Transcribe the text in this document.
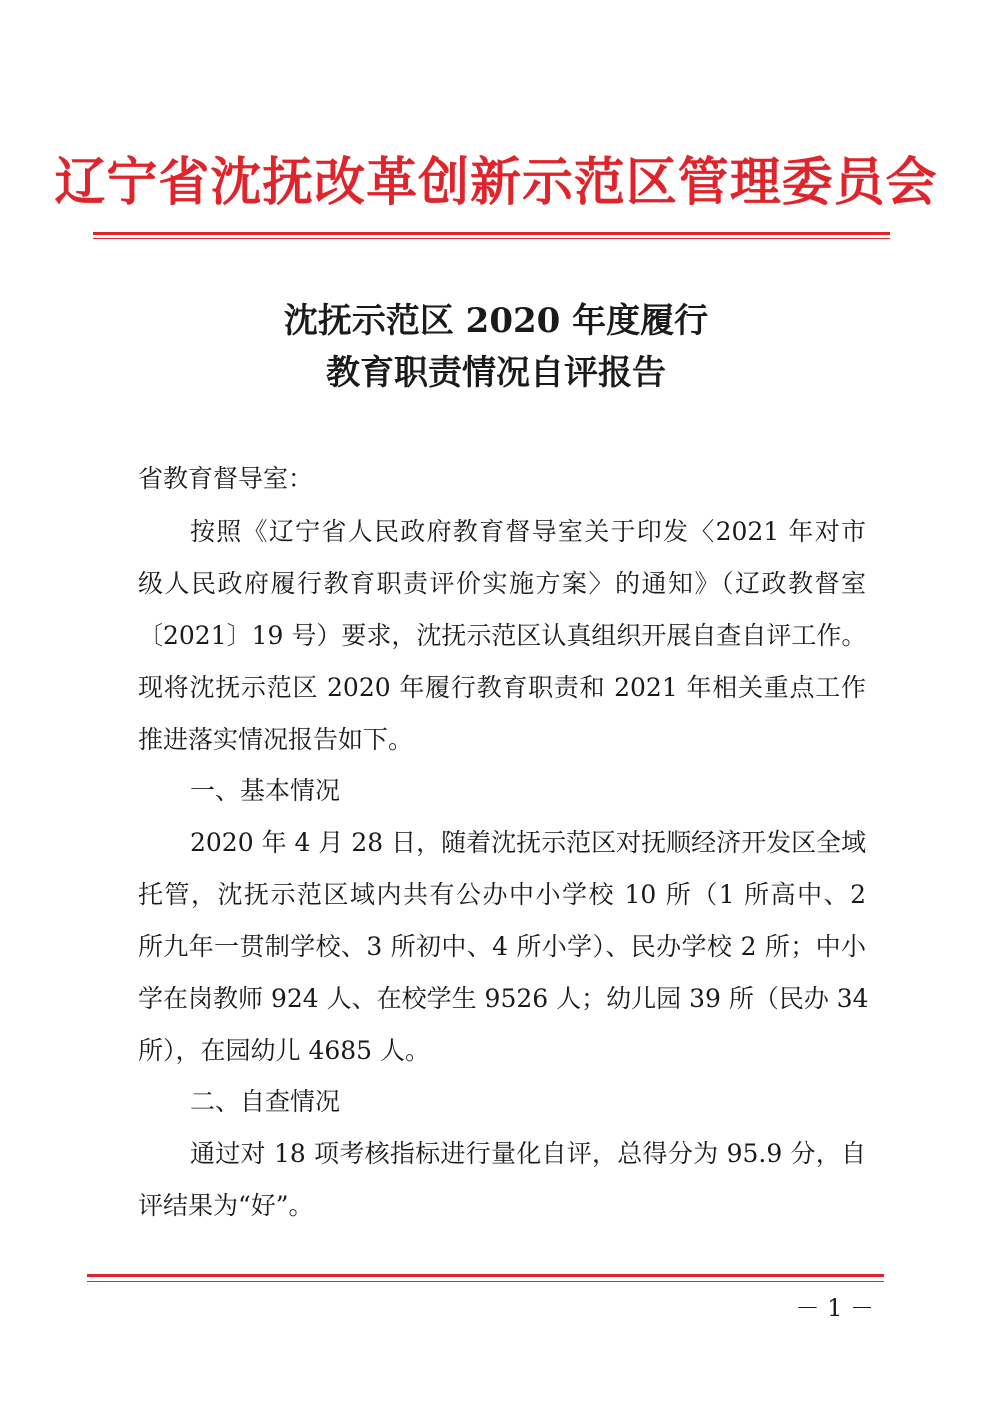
辽宁省沈抚改革创新示范区管理委员会
沈抚示范区 2020 年度履行
教育职责情况自评报告
省教育督导室：
按照《辽宁省人民政府教育督导室关于印发〈2021 年对市
级人民政府履行教育职责评价实施方案〉的通知》（辽政教督室
〔2021〕19 号）要求，沈抚示范区认真组织开展自查自评工作。
现将沈抚示范区 2020 年履行教育职责和 2021 年相关重点工作
推进落实情况报告如下。
一、基本情况
2020 年 4 月 28 日，随着沈抚示范区对抚顺经济开发区全域
托管，沈抚示范区域内共有公办中小学校 10 所（1 所高中、2
所九年一贯制学校、3 所初中、4 所小学）、民办学校 2 所；中小
学在岗教师 924 人、在校学生 9526 人；幼儿园 39 所（民办 34
所），在园幼儿 4685 人。
二、自查情况
通过对 18 项考核指标进行量化自评，总得分为 95.9 分，自
评结果为“好”。
－ 1 －
